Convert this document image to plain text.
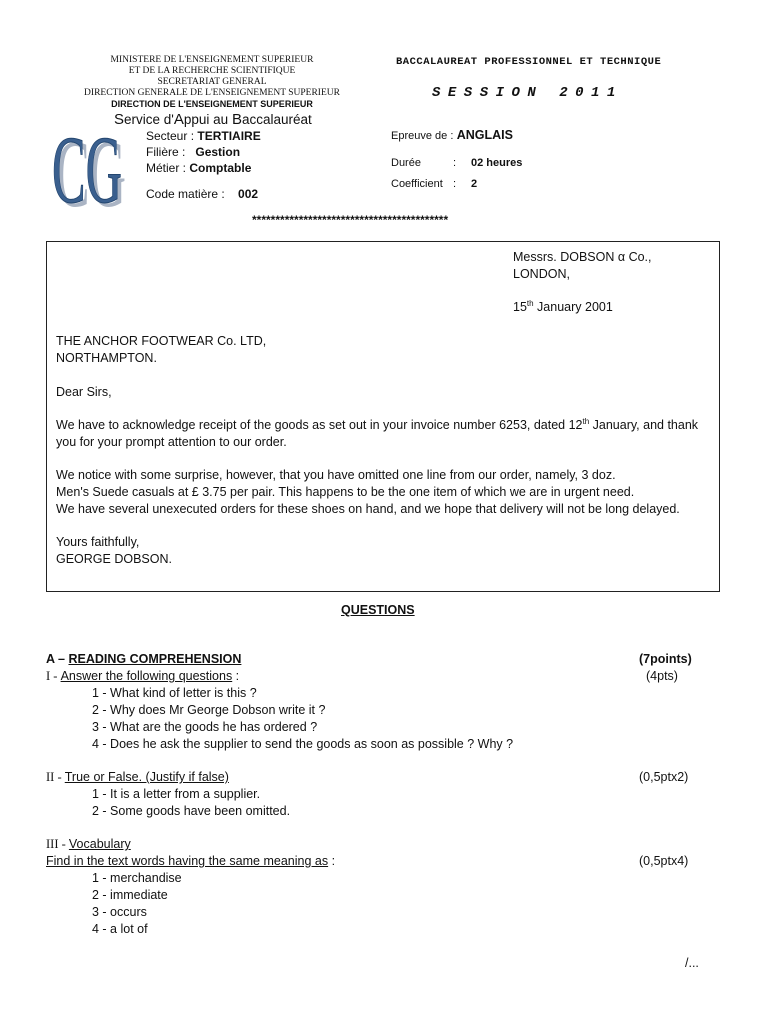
MINISTERE DE L'ENSEIGNEMENT SUPERIEUR
ET DE LA RECHERCHE SCIENTIFIQUE
SECRETARIAT GENERAL
DIRECTION GENERALE DE L'ENSEIGNEMENT SUPERIEUR
DIRECTION DE L'ENSEIGNEMENT SUPERIEUR
Service d'Appui au Baccalauréat
CG
CG
BACCALAUREAT PROFESSIONNEL ET TECHNIQUE
SESSION 2011
Secteur : TERTIAIRE
Filière : Gestion
Métier : Comptable
Code matière : 002
Epreuve de : ANGLAIS
Durée	: 02 heures
Coefficient : 2
******************************************
Messrs. DOBSON α Co.,
LONDON,
15th January 2001
THE ANCHOR FOOTWEAR Co. LTD,
NORTHAMPTON.
Dear Sirs,
We have to acknowledge receipt of the goods as set out in your invoice number 6253, dated 12th January, and thank
you for your prompt attention to our order.
We notice with some surprise, however, that you have omitted one line from our order, namely, 3 doz.
Men's Suede casuals at £ 3.75 per pair. This happens to be the one item of which we are in urgent need.
We have several unexecuted orders for these shoes on hand, and we hope that delivery will not be long delayed.
Yours faithfully,
GEORGE DOBSON.
QUESTIONS
A – READING COMPREHENSION	(7points)
I - Answer the following questions :	(4pts)
1 - What kind of letter is this ?
2 - Why does Mr George Dobson write it ?
3 - What are the goods he has ordered ?
4 - Does he ask the supplier to send the goods as soon as possible ? Why ?
II - True or False. (Justify if false)	(0,5ptx2)
1 - It is a letter from a supplier.
2 - Some goods have been omitted.
III - Vocabulary
Find in the text words having the same meaning as :	(0,5ptx4)
1 - merchandise
2 - immediate
3 - occurs
4 - a lot of
/...
